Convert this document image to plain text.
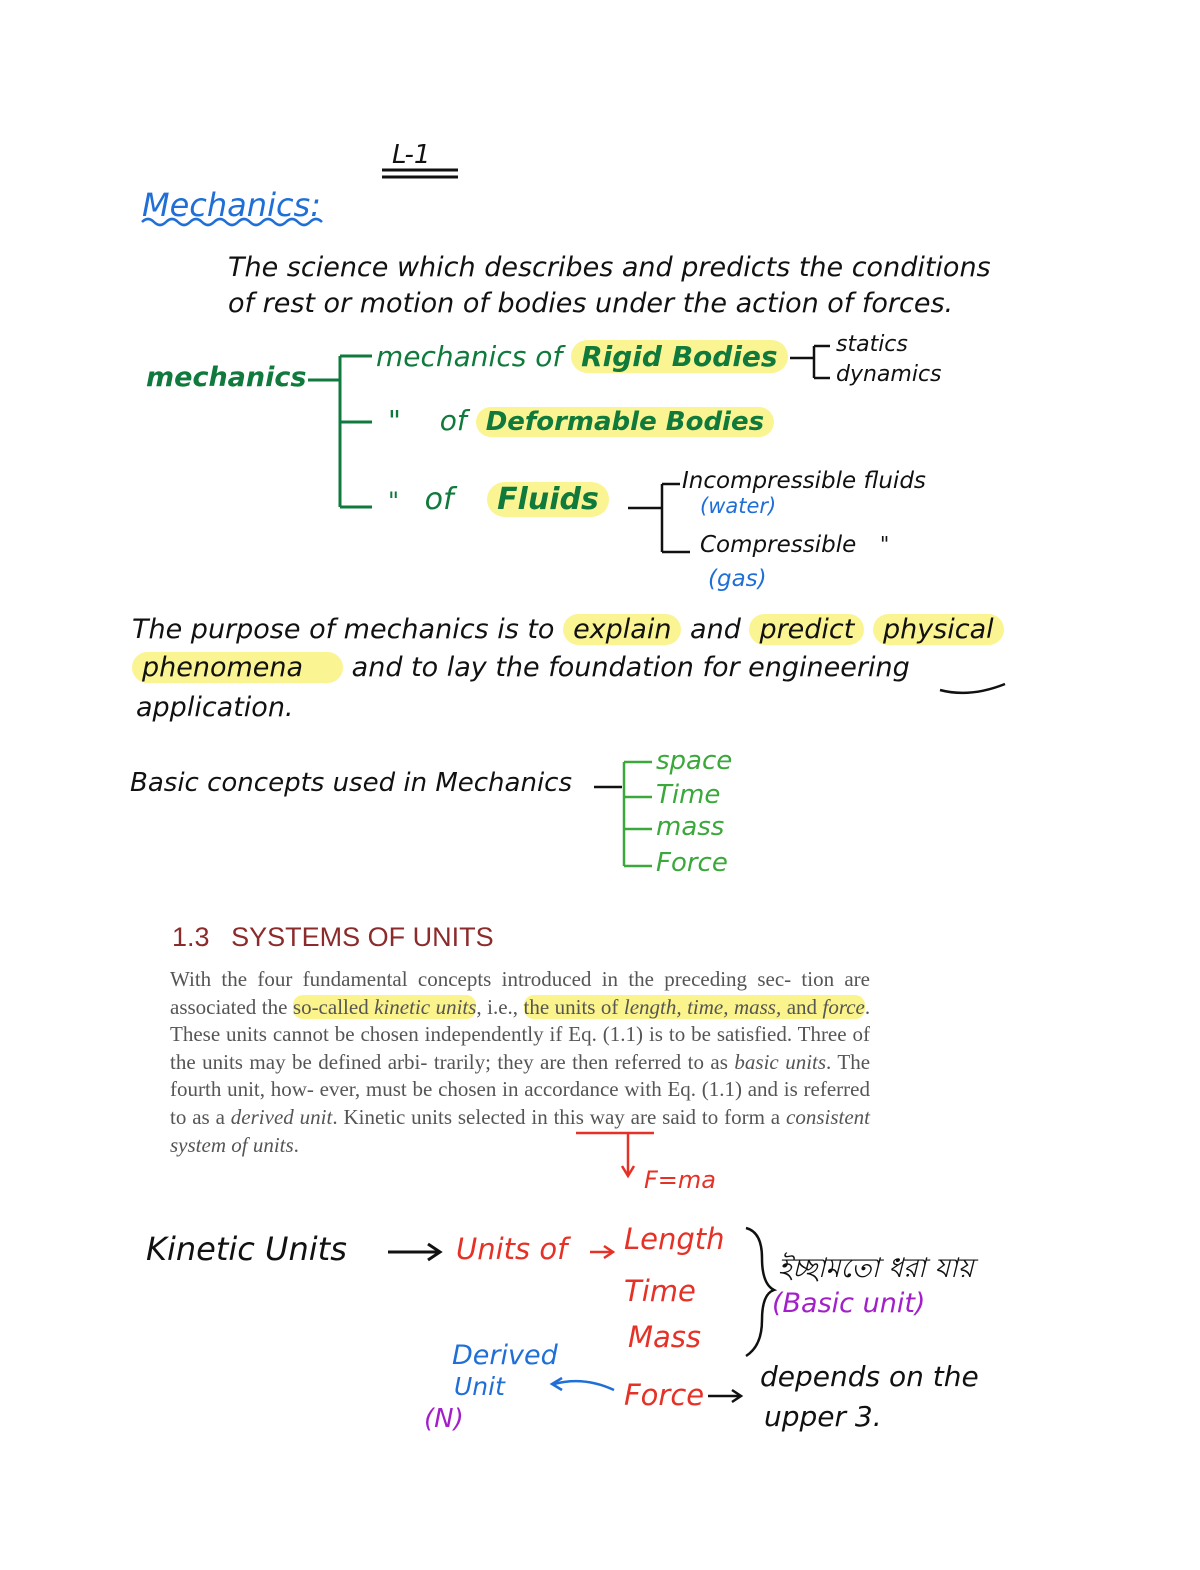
L-1
Mechanics:
The science which describes and predicts the conditions
of rest or motion of bodies under the action of forces.
mechanics
mechanics of Rigid Bodies	statics
dynamics
" of Deformable Bodies
" of Fluids
Incompressible fluids
(water)
Compressible "
(gas)
The purpose of mechanics is to explain and predict physical
phenomena and to lay the foundation for engineering
application.
Basic concepts used in Mechanics
space
Time
mass
Force
1.3 SYSTEMS OF UNITS
With the four fundamental concepts introduced in the preceding sec- tion are associated the so-called kinetic units, i.e., the units of length, time, mass, and force. These units cannot be chosen independently if Eq. (1.1) is to be satisfied. Three of the units may be defined arbi- trarily; they are then referred to as basic units. The fourth unit, how- ever, must be chosen in accordance with Eq. (1.1) and is referred to as a derived unit. Kinetic units selected in this way are said to form a consistent system of units.
F=ma
Kinetic Units	Units of Length
Time
Mass
Force
ইচ্ছামতো ধরা যায়
(Basic unit)
Derived
Unit
(N)
depends on the
upper 3.
